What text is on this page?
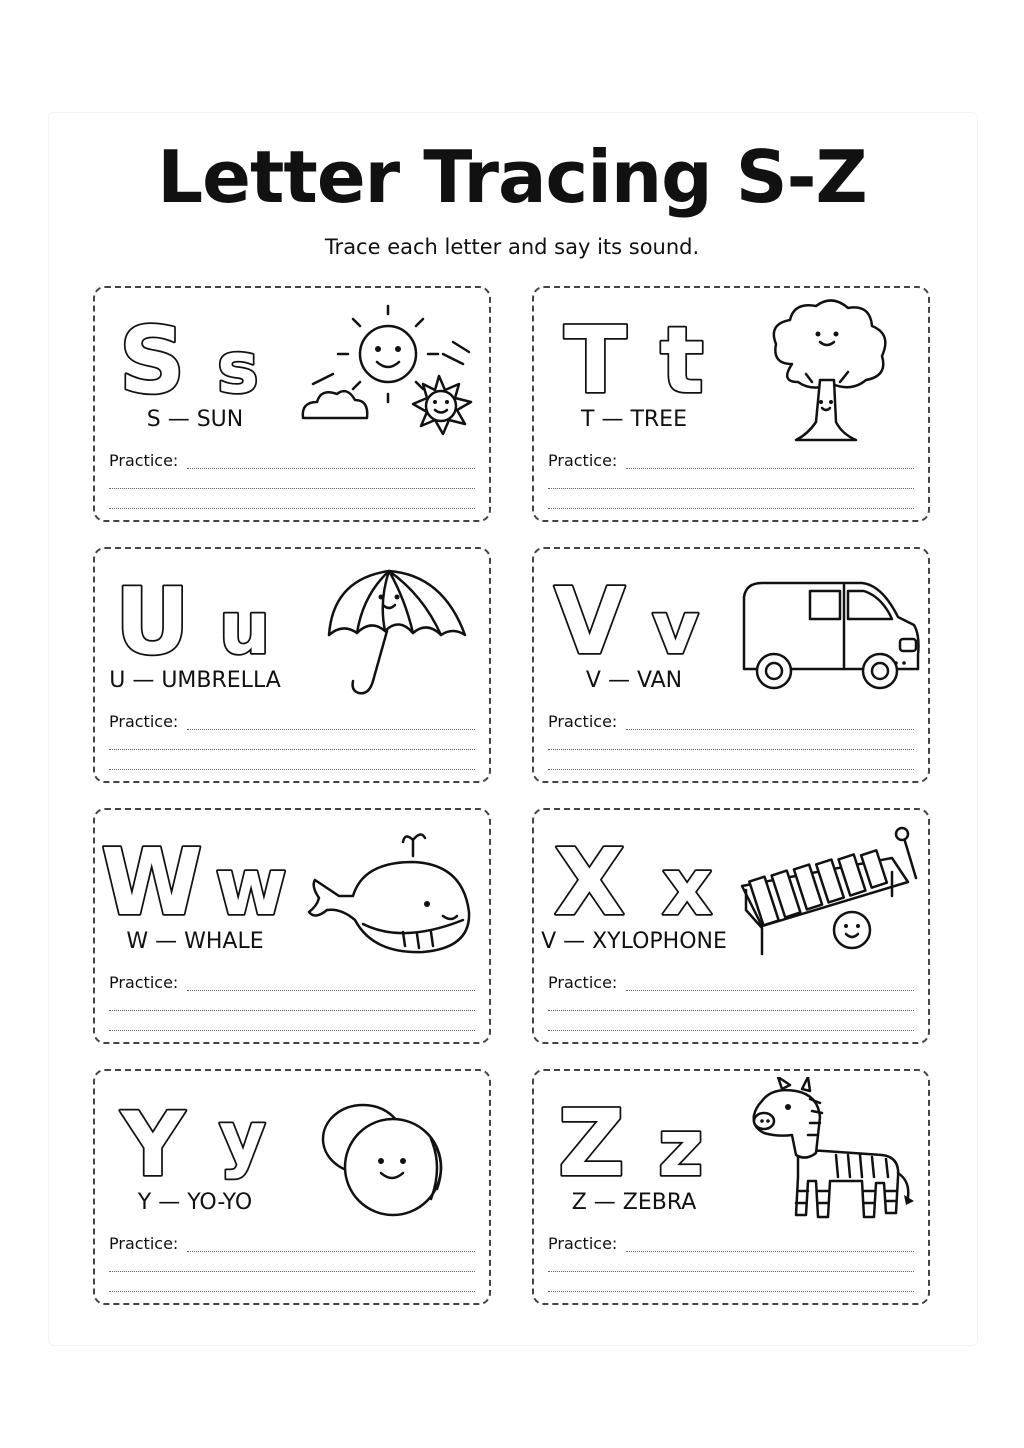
Letter Tracing S-Z
Trace each letter and say its sound.
S s
S — SUN
Practice:
T t
T — TREE
Practice:
U u
U — UMBRELLA
Practice:
V v
V — VAN
Practice:
W w
W — WHALE
Practice:
X x
V — XYLOPHONE
Practice:
Y y
Y — YO-YO
Practice:
Z z
Z — ZEBRA
Practice:
